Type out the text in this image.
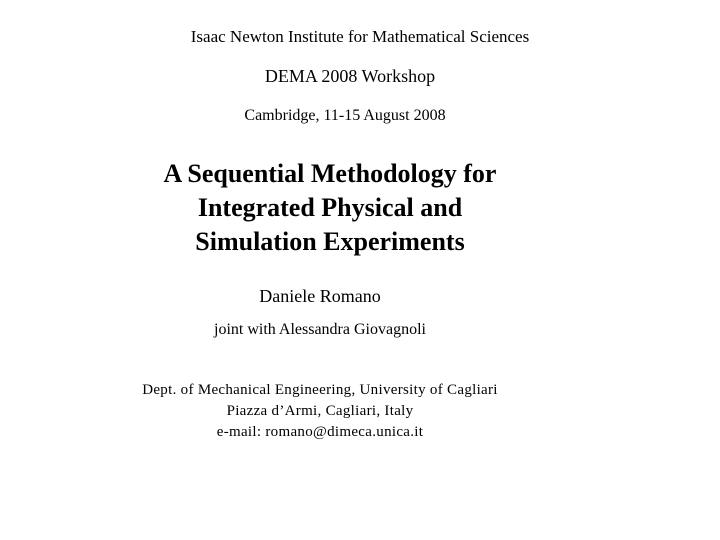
Isaac Newton Institute for Mathematical Sciences
DEMA 2008 Workshop
Cambridge, 11-15 August 2008
A Sequential Methodology for
Integrated Physical and
Simulation Experiments
Daniele Romano
joint with Alessandra Giovagnoli
Dept. of Mechanical Engineering, University of Cagliari
Piazza d’Armi, Cagliari, Italy
e-mail: romano@dimeca.unica.it
